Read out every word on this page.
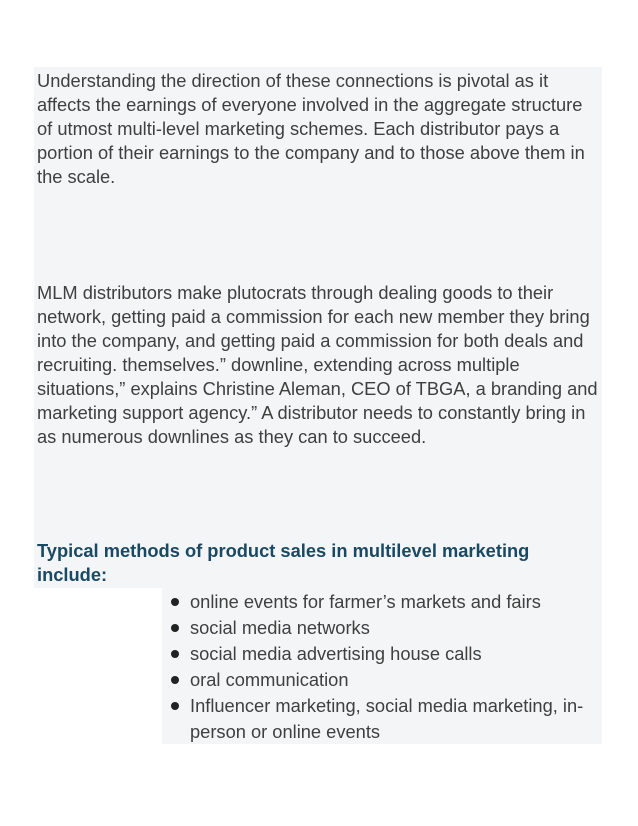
Understanding the direction of these connections is pivotal as it affects the earnings of everyone involved in the aggregate structure of utmost multi-level marketing schemes. Each distributor pays a portion of their earnings to the company and to those above them in the scale.

MLM distributors make plutocrats through dealing goods to their network, getting paid a commission for each new member they bring into the company, and getting paid a commission for both deals and recruiting. themselves.” downline, extending across multiple situations,” explains Christine Aleman, CEO of TBGA, a branding and marketing support agency.” A distributor needs to constantly bring in as numerous downlines as they can to succeed.

Typical methods of product sales in multilevel marketing include:
online events for farmer’s markets and fairs
social media networks
social media advertising house calls
oral communication
Influencer marketing, social media marketing, in-person or online events
